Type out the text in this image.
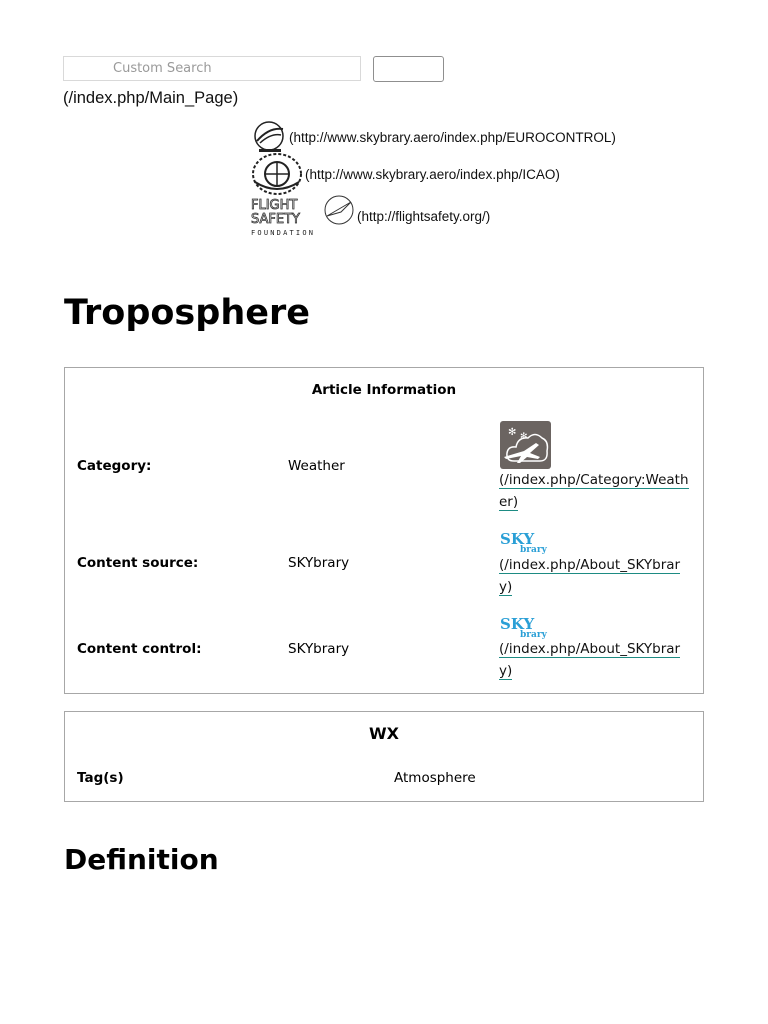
Custom Search
(/index.php/Main_Page)
(http://www.skybrary.aero/index.php/EUROCONTROL)
(http://www.skybrary.aero/index.php/ICAO)
FLIGHT
SAFETY
FOUNDATION
(http://flightsafety.org/)
Troposphere
Article Information
Category:	Weather
✻ ✻
(/index.php/Category:Weather)
Content source:	SKYbrary
SKY
brary
(/index.php/About_SKYbrary)
Content control:	SKYbrary
SKY
brary
(/index.php/About_SKYbrary)
WX
Tag(s)	Atmosphere
Definition
